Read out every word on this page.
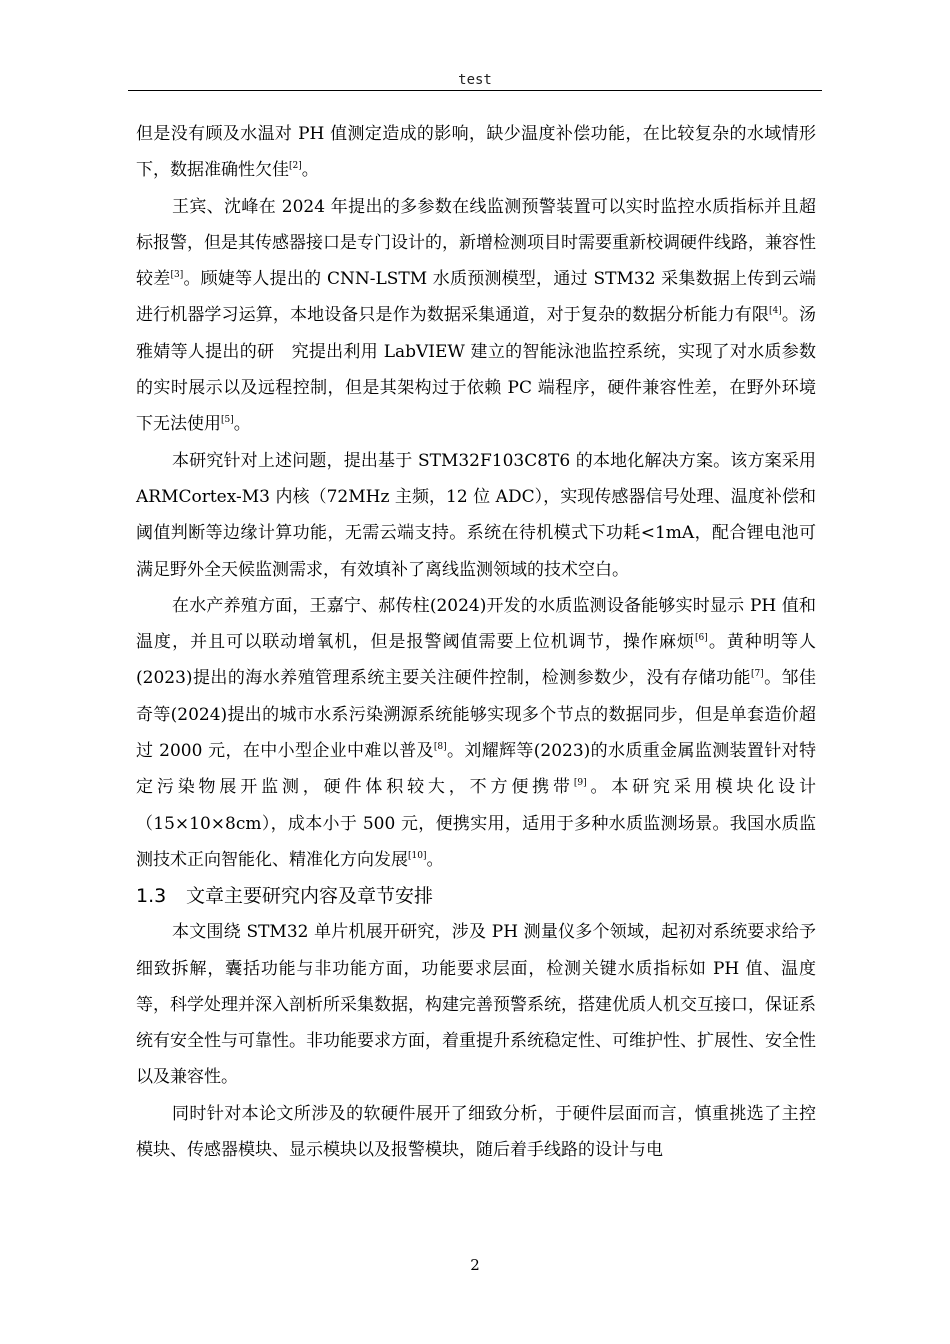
test

但是没有顾及水温对 PH 值测定造成的影响，缺少温度补偿功能，在比较复杂的水域情形下，数据准确性欠佳[2]。

王宾、沈峰在 2024 年提出的多参数在线监测预警装置可以实时监控水质指标并且超标报警，但是其传感器接口是专门设计的，新增检测项目时需要重新校调硬件线路，兼容性较差[3]。顾婕等人提出的 CNN-LSTM 水质预测模型，通过 STM32 采集数据上传到云端进行机器学习运算，本地设备只是作为数据采集通道，对于复杂的数据分析能力有限[4]。汤雅婧等人提出的研　究提出利用 LabVIEW 建立的智能泳池监控系统，实现了对水质参数的实时展示以及远程控制，但是其架构过于依赖 PC 端程序，硬件兼容性差，在野外环境下无法使用[5]。

本研究针对上述问题，提出基于 STM32F103C8T6 的本地化解决方案。该方案采用 ARMCortex-M3 内核（72MHz 主频，12 位 ADC），实现传感器信号处理、温度补偿和阈值判断等边缘计算功能，无需云端支持。系统在待机模式下功耗<1mA，配合锂电池可满足野外全天候监测需求，有效填补了离线监测领域的技术空白。

在水产养殖方面，王嘉宁、郝传柱(2024)开发的水质监测设备能够实时显示 PH 值和温度，并且可以联动增氧机，但是报警阈值需要上位机调节，操作麻烦[6]。黄种明等人(2023)提出的海水养殖管理系统主要关注硬件控制，检测参数少，没有存储功能[7]。邹佳奇等(2024)提出的城市水系污染溯源系统能够实现多个节点的数据同步，但是单套造价超过 2000 元，在中小型企业中难以普及[8]。刘耀辉等(2023)的水质重金属监测装置针对特定污染物展开监测，硬件体积较大，不方便携带[9]。本研究采用模块化设计（15×10×8cm），成本小于 500 元，便携实用，适用于多种水质监测场景。我国水质监测技术正向智能化、精准化方向发展[10]。

1.3 文章主要研究内容及章节安排

本文围绕 STM32 单片机展开研究，涉及 PH 测量仪多个领域，起初对系统要求给予细致拆解，囊括功能与非功能方面，功能要求层面，检测关键水质指标如 PH 值、温度等，科学处理并深入剖析所采集数据，构建完善预警系统，搭建优质人机交互接口，保证系统有安全性与可靠性。非功能要求方面，着重提升系统稳定性、可维护性、扩展性、安全性以及兼容性。

同时针对本论文所涉及的软硬件展开了细致分析，于硬件层面而言，慎重挑选了主控模块、传感器模块、显示模块以及报警模块，随后着手线路的设计与电

2
